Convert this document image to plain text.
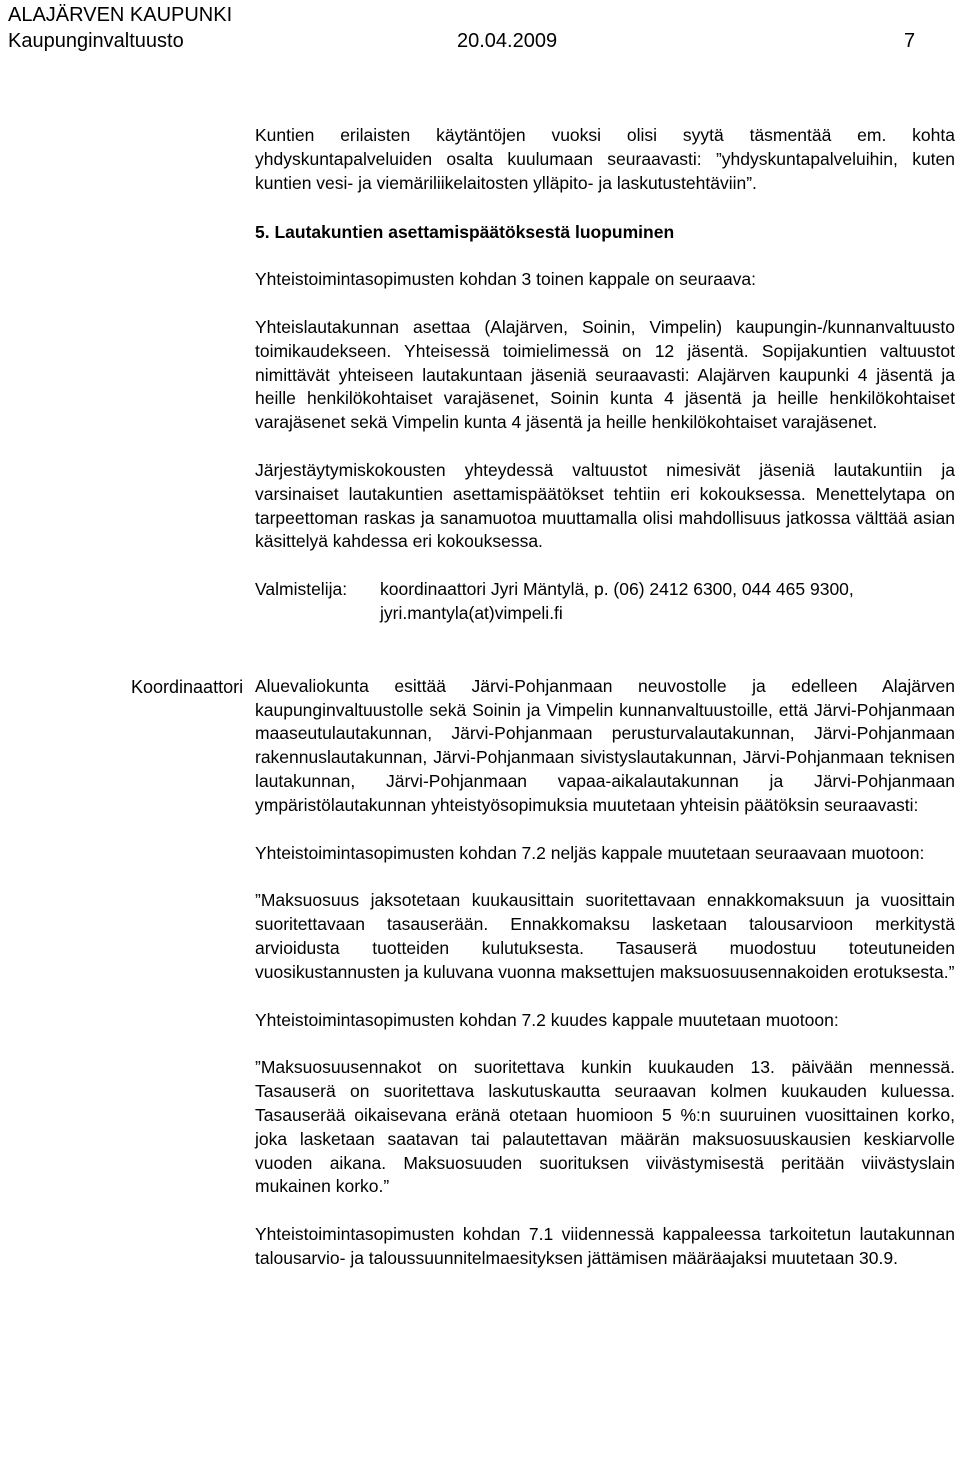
ALAJÄRVEN KAUPUNKI
Kaupunginvaltuusto	20.04.2009	7
Koordinaattori

Kuntien erilaisten käytäntöjen vuoksi olisi syytä täsmentää em. kohta yhdyskuntapalveluiden osalta kuulumaan seuraavasti: ”yhdyskuntapalveluihin, kuten kuntien vesi- ja viemäriliikelaitosten ylläpito- ja laskutustehtäviin”.

5. Lautakuntien asettamispäätöksestä luopuminen

Yhteistoimintasopimusten kohdan 3 toinen kappale on seuraava:

Yhteislautakunnan asettaa (Alajärven, Soinin, Vimpelin) kaupungin-/kunnanvaltuusto toimikaudekseen. Yhteisessä toimielimessä on 12 jäsentä. Sopijakuntien valtuustot nimittävät yhteiseen lautakuntaan jäseniä seuraavasti: Alajärven kaupunki 4 jäsentä ja heille henkilökohtaiset varajäsenet, Soinin kunta 4 jäsentä ja heille henkilökohtaiset varajäsenet sekä Vimpelin kunta 4 jäsentä ja heille henkilökohtaiset varajäsenet.

Järjestäytymiskokousten yhteydessä valtuustot nimesivät jäseniä lautakuntiin ja varsinaiset lautakuntien asettamispäätökset tehtiin eri kokouksessa. Menettelytapa on tarpeettoman raskas ja sanamuotoa muuttamalla olisi mahdollisuus jatkossa välttää asian käsittelyä kahdessa eri kokouksessa.

Valmistelija:	koordinaattori Jyri Mäntylä, p. (06) 2412 6300, 044 465 9300, jyri.mantyla(at)vimpeli.fi

Aluevaliokunta esittää Järvi-Pohjanmaan neuvostolle ja edelleen Alajärven kaupunginvaltuustolle sekä Soinin ja Vimpelin kunnanvaltuustoille, että Järvi-Pohjanmaan maaseutulautakunnan, Järvi-Pohjanmaan perusturvalautakunnan, Järvi-Pohjanmaan rakennuslautakunnan, Järvi-Pohjanmaan sivistyslautakunnan, Järvi-Pohjanmaan teknisen lautakunnan, Järvi-Pohjanmaan vapaa-aikalautakunnan ja Järvi-Pohjanmaan ympäristölautakunnan yhteistyösopimuksia muutetaan yhteisin päätöksin seuraavasti:

Yhteistoimintasopimusten kohdan 7.2 neljäs kappale muutetaan seuraavaan muotoon:

”Maksuosuus jaksotetaan kuukausittain suoritettavaan ennakkomaksuun ja vuosittain suoritettavaan tasauserään. Ennakkomaksu lasketaan talousarvioon merkitystä arvioidusta tuotteiden kulutuksesta. Tasauserä muodostuu toteutuneiden vuosikustannusten ja kuluvana vuonna maksettujen maksuosuusennakoiden erotuksesta.”

Yhteistoimintasopimusten kohdan 7.2 kuudes kappale muutetaan muotoon:

”Maksuosuusennakot on suoritettava kunkin kuukauden 13. päivään mennessä. Tasauserä on suoritettava laskutuskautta seuraavan kolmen kuukauden kuluessa. Tasauserää oikaisevana eränä otetaan huomioon 5 %:n suuruinen vuosittainen korko, joka lasketaan saatavan tai palautettavan määrän maksuosuuskausien keskiarvolle vuoden aikana. Maksuosuuden suorituksen viivästymisestä peritään viivästyslain mukainen korko.”

Yhteistoimintasopimusten kohdan 7.1 viidennessä kappaleessa tarkoitetun lautakunnan talousarvio- ja taloussuunnitelmaesityksen jättämisen määräajaksi muutetaan 30.9.
